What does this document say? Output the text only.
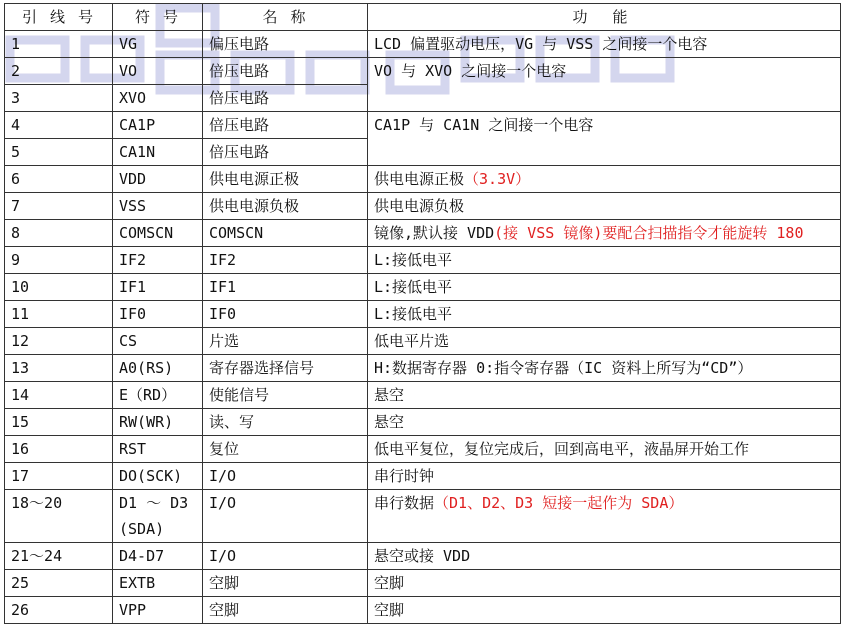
引 线 号	符 号	名 称	功 能
1	VG	偏压电路	LCD 偏置驱动电压，VG 与 VSS 之间接一个电容
2	VO	倍压电路	VO 与 XVO 之间接一个电容
3	XVO	倍压电路	
4	CA1P	倍压电路	CA1P 与 CA1N 之间接一个电容
5	CA1N	倍压电路	
6	VDD	供电电源正极	供电电源正极（3.3V）
7	VSS	供电电源负极	供电电源负极
8	COMSCN	COMSCN	镜像,默认接 VDD(接 VSS 镜像)要配合扫描指令才能旋转 180
9	IF2	IF2	L:接低电平
10	IF1	IF1	L:接低电平
11	IF0	IF0	L:接低电平
12	CS	片选	低电平片选
13	A0(RS)	寄存器选择信号	H:数据寄存器 0:指令寄存器（IC 资料上所写为“CD”）
14	E（RD）	使能信号	悬空
15	RW(WR)	读、写	悬空
16	RST	复位	低电平复位，复位完成后，回到高电平，液晶屏开始工作
17	DO(SCK)	I/O	串行时钟
18～20	D1 ～ D3 (SDA)	I/O	串行数据（D1、D2、D3 短接一起作为 SDA）
21～24	D4-D7	I/O	悬空或接 VDD
25	EXTB	空脚	空脚
26	VPP	空脚	空脚
